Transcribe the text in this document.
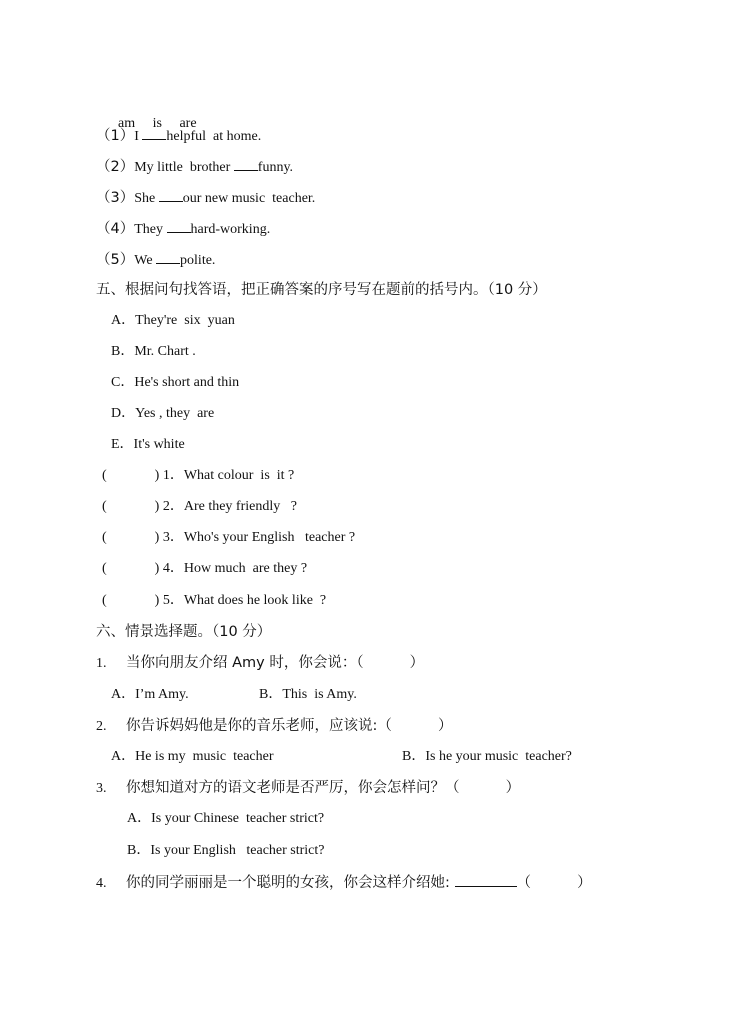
am is are

（1）I helpful  at home.
（2）My little  brother funny.
（3）She our new music  teacher.
（4）They hard-working.
（5）We polite.
五、根据问句找答语，把正确答案的序号写在题前的括号内。（10 分）
A．They're  six  yuan
B．Mr. Chart .
C．He's short and thin
D．Yes , they  are
E．It's white
(	) 1．What colour  is  it ?
(	) 2．Are they friendly   ?
(	) 3．Who's your English   teacher ?
(	) 4．How much  are they ?
(	) 5．What does he look like  ?
六、情景选择题。（10 分）
1. 当你向朋友介绍 Amy 时，你会说：（          ）
A．I’m Amy.	B．This  is Amy.
2. 你告诉妈妈他是你的音乐老师，应该说:（          ）
A．He is my  music  teacher	B．Is he your music  teacher?
3. 你想知道对方的语文老师是否严厉，你会怎样问？（          ）
A．Is your Chinese  teacher strict?
B．Is your English   teacher strict?
4. 你的同学丽丽是一个聪明的女孩，你会这样介绍她:	（          ）
